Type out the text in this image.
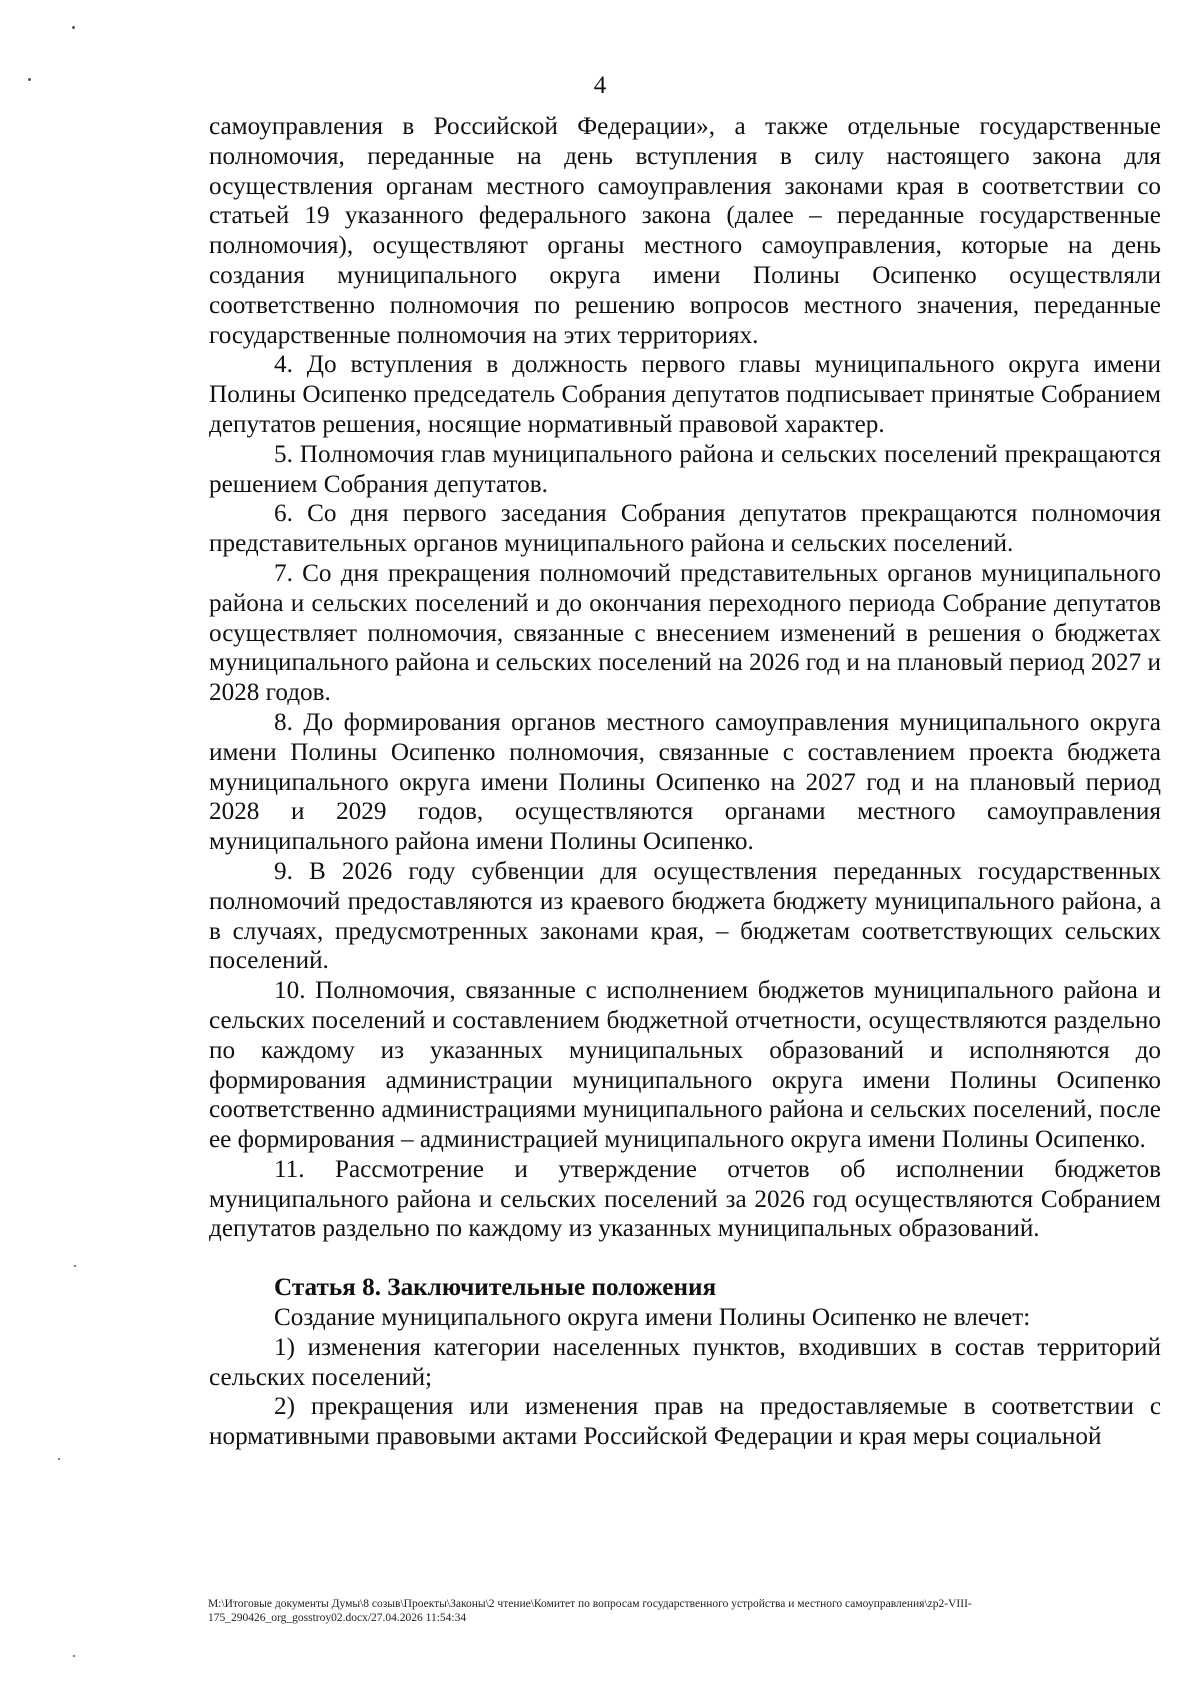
4

самоуправления в Российской Федерации», а также отдельные государственные полномочия, переданные на день вступления в силу настоящего закона для осуществления органам местного самоуправления законами края в соответствии со статьей 19 указанного федерального закона (далее – переданные государственные полномочия), осуществляют органы местного самоуправления, которые на день создания муниципального округа имени Полины Осипенко осуществляли соответственно полномочия по решению вопросов местного значения, переданные государственные полномочия на этих территориях.

4. До вступления в должность первого главы муниципального округа имени Полины Осипенко председатель Собрания депутатов подписывает принятые Собранием депутатов решения, носящие нормативный правовой характер.

5. Полномочия глав муниципального района и сельских поселений прекращаются решением Собрания депутатов.

6. Со дня первого заседания Собрания депутатов прекращаются полномочия представительных органов муниципального района и сельских поселений.

7. Со дня прекращения полномочий представительных органов муниципального района и сельских поселений и до окончания переходного периода Собрание депутатов осуществляет полномочия, связанные с внесением изменений в решения о бюджетах муниципального района и сельских поселений на 2026 год и на плановый период 2027 и 2028 годов.

8. До формирования органов местного самоуправления муниципального округа имени Полины Осипенко полномочия, связанные с составлением проекта бюджета муниципального округа имени Полины Осипенко на 2027 год и на плановый период 2028 и 2029 годов, осуществляются органами местного самоуправления муниципального района имени Полины Осипенко.

9. В 2026 году субвенции для осуществления переданных государственных полномочий предоставляются из краевого бюджета бюджету муниципального района, а в случаях, предусмотренных законами края, – бюджетам соответствующих сельских поселений.

10. Полномочия, связанные с исполнением бюджетов муниципального района и сельских поселений и составлением бюджетной отчетности, осуществляются раздельно по каждому из указанных муниципальных образований и исполняются до формирования администрации муниципального округа имени Полины Осипенко соответственно администрациями муниципального района и сельских поселений, после ее формирования – администрацией муниципального округа имени Полины Осипенко.

11. Рассмотрение и утверждение отчетов об исполнении бюджетов муниципального района и сельских поселений за 2026 год осуществляются Собранием депутатов раздельно по каждому из указанных муниципальных образований.

Статья 8. Заключительные положения

Создание муниципального округа имени Полины Осипенко не влечет:

1) изменения категории населенных пунктов, входивших в состав территорий сельских поселений;

2) прекращения или изменения прав на предоставляемые в соответствии с нормативными правовыми актами Российской Федерации и края меры социальной

M:\Итоговые документы Думы\8 созыв\Проекты\Законы\2 чтение\Комитет по вопросам государственного устройства и местного самоуправления\zp2-VIII-175_290426_org_gosstroy02.docx/27.04.2026 11:54:34
